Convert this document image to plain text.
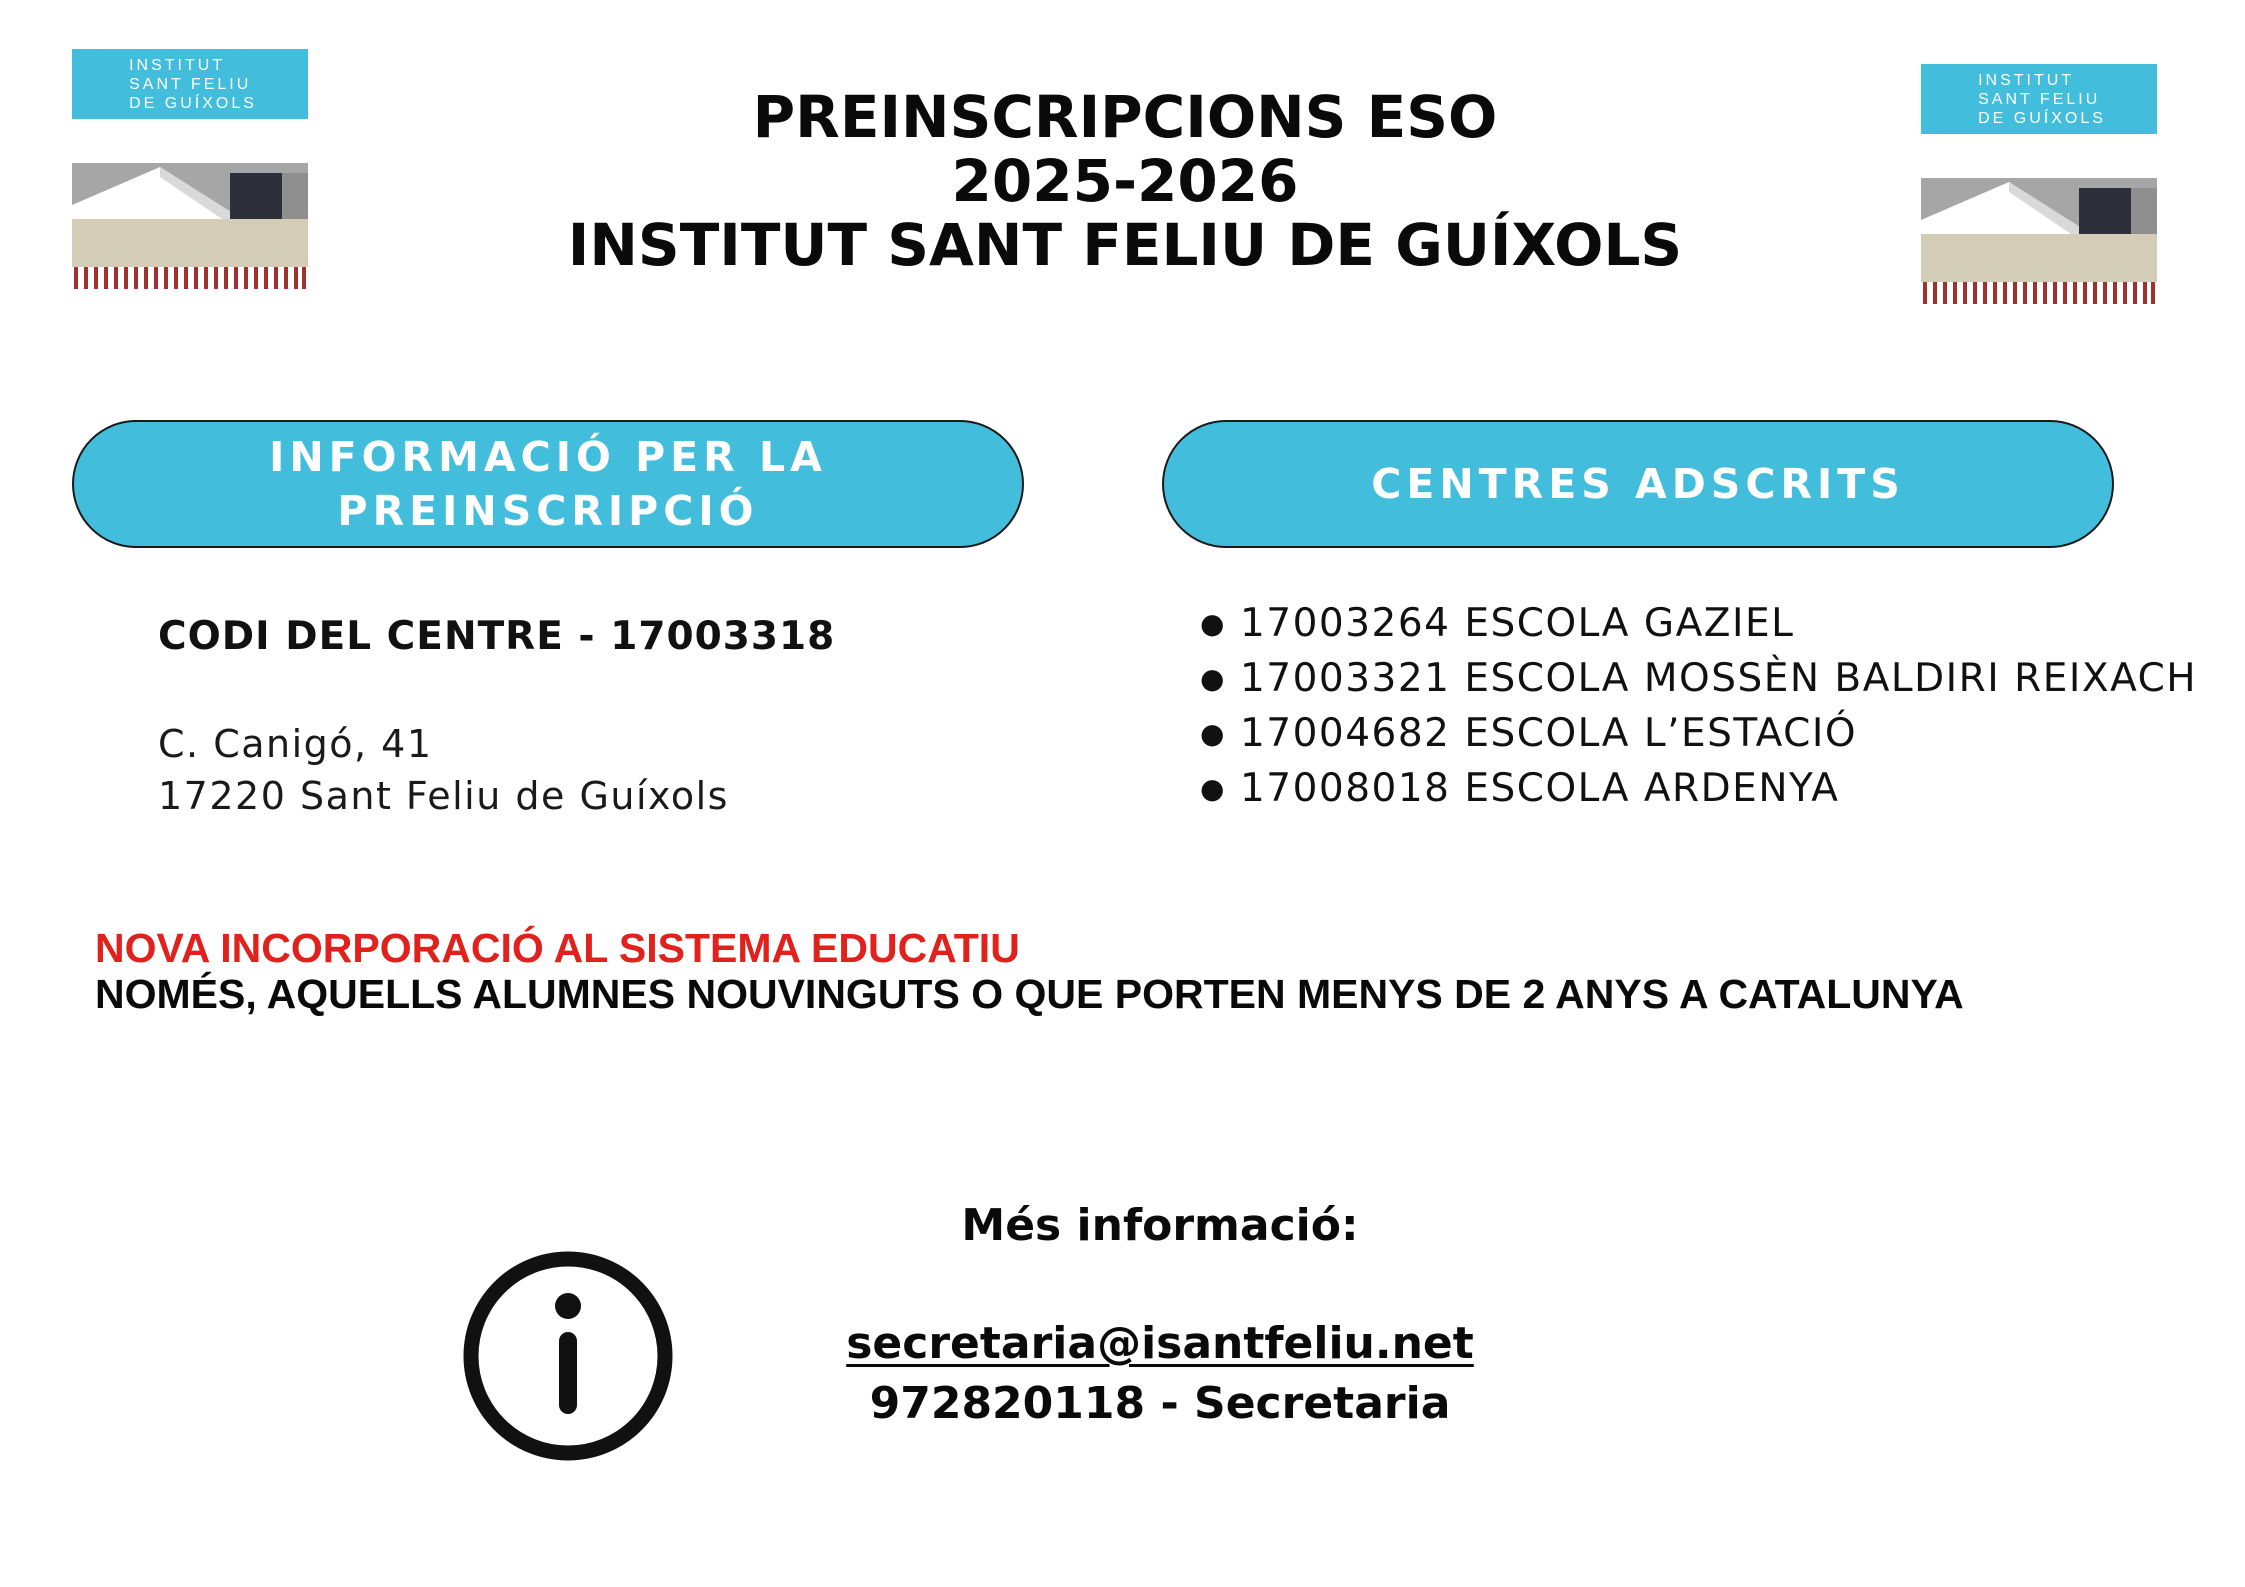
INSTITUT
SANT FELIU
DE GUÍXOLS
INSTITUT
SANT FELIU
DE GUÍXOLS
PREINSCRIPCIONS ESO
2025-2026
INSTITUT SANT FELIU DE GUÍXOLS
INFORMACIÓ PER LA
PREINSCRIPCIÓ
CENTRES ADSCRITS
CODI DEL CENTRE - 17003318
C. Canigó, 41
17220 Sant Feliu de Guíxols
● 17003264 ESCOLA GAZIEL
● 17003321 ESCOLA MOSSÈN BALDIRI REIXACH
● 17004682 ESCOLA L’ESTACIÓ
● 17008018 ESCOLA ARDENYA
NOVA INCORPORACIÓ AL SISTEMA EDUCATIU
NOMÉS, AQUELLS ALUMNES NOUVINGUTS O QUE PORTEN MENYS DE 2 ANYS A CATALUNYA
Més informació:
secretaria@isantfeliu.net
972820118 - Secretaria
